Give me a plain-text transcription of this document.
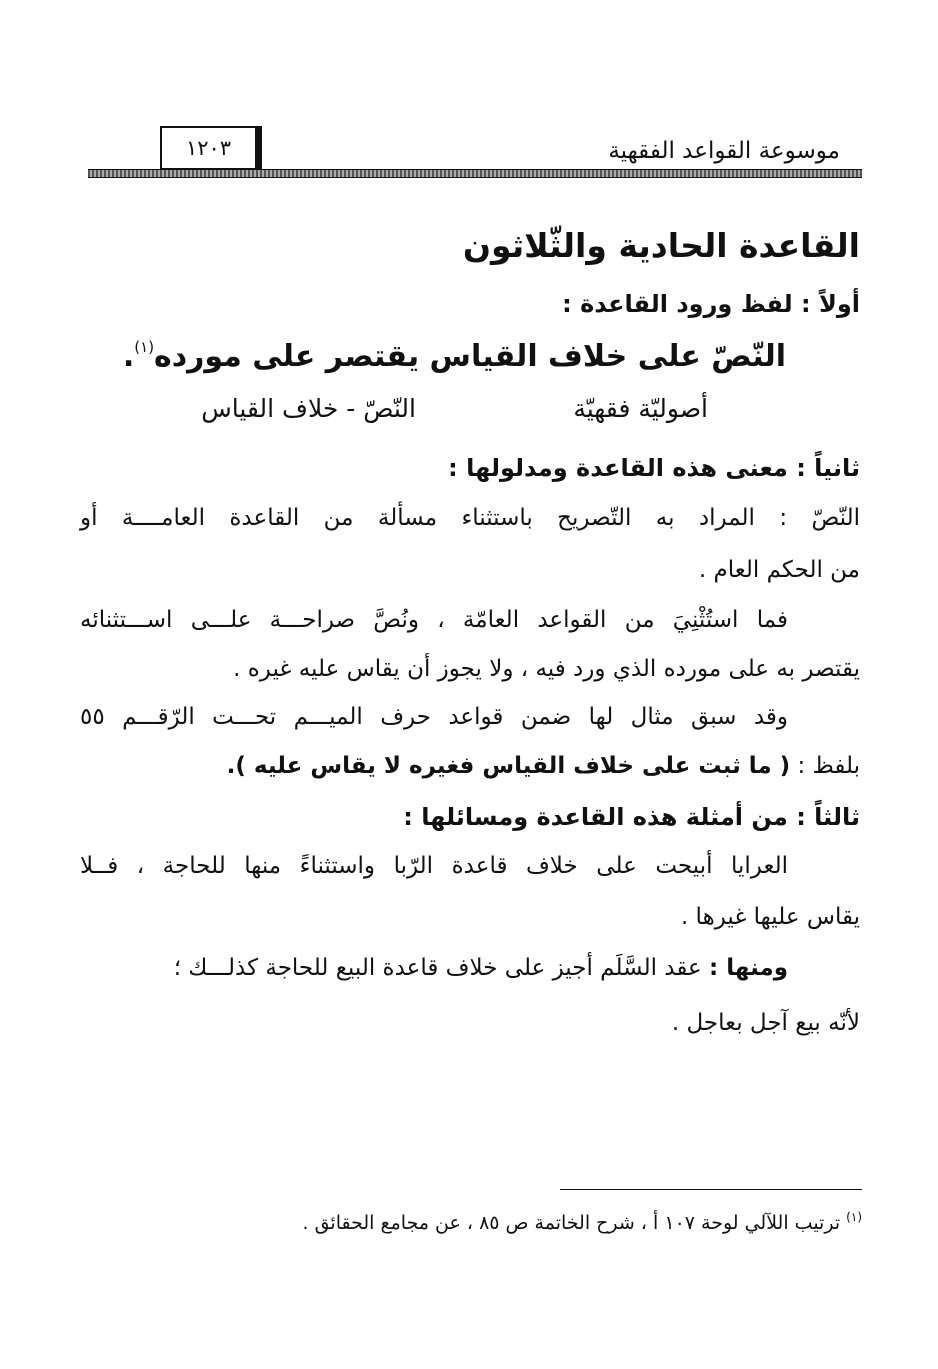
موسوعة القواعد الفقهية
١٢٠٣
القاعدة الحادية والثّلاثون
أولاً : لفظ ورود القاعدة :
النّصّ على خلاف القياس يقتصر على مورده$^{(١)}$.
أصوليّة فقهيّة
النّصّ - خلاف القياس
ثانياً : معنى هذه القاعدة ومدلولها :
النّصّ : المراد به التّصريح باستثناء مسألة من القاعدة العامــــة أو
من الحكم العام .
فما استُثْنِيَ من القواعد العامّة ، ونُصَّ صراحـــة علـــى اســـتثنائه
يقتصر به على مورده الذي ورد فيه ، ولا يجوز أن يقاس عليه غيره .
وقد سبق مثال لها ضمن قواعد حرف الميـــم تحـــت الرّقـــم ٥٥
بلفظ : ( ما ثبت على خلاف القياس فغيره لا يقاس عليه ).
ثالثاً : من أمثلة هذه القاعدة ومسائلها :
العرايا أبيحت على خلاف قاعدة الرّبا واستثناءً منها للحاجة ، فــلا
يقاس عليها غيرها .
ومنها : عقد السَّلَم أجيز على خلاف قاعدة البيع للحاجة كذلـــك ؛
لأنّه بيع آجل بعاجل .
$^{(١)}$ ترتيب اللآلي لوحة ١٠٧ أ ، شرح الخاتمة ص ٨٥ ، عن مجامع الحقائق .
